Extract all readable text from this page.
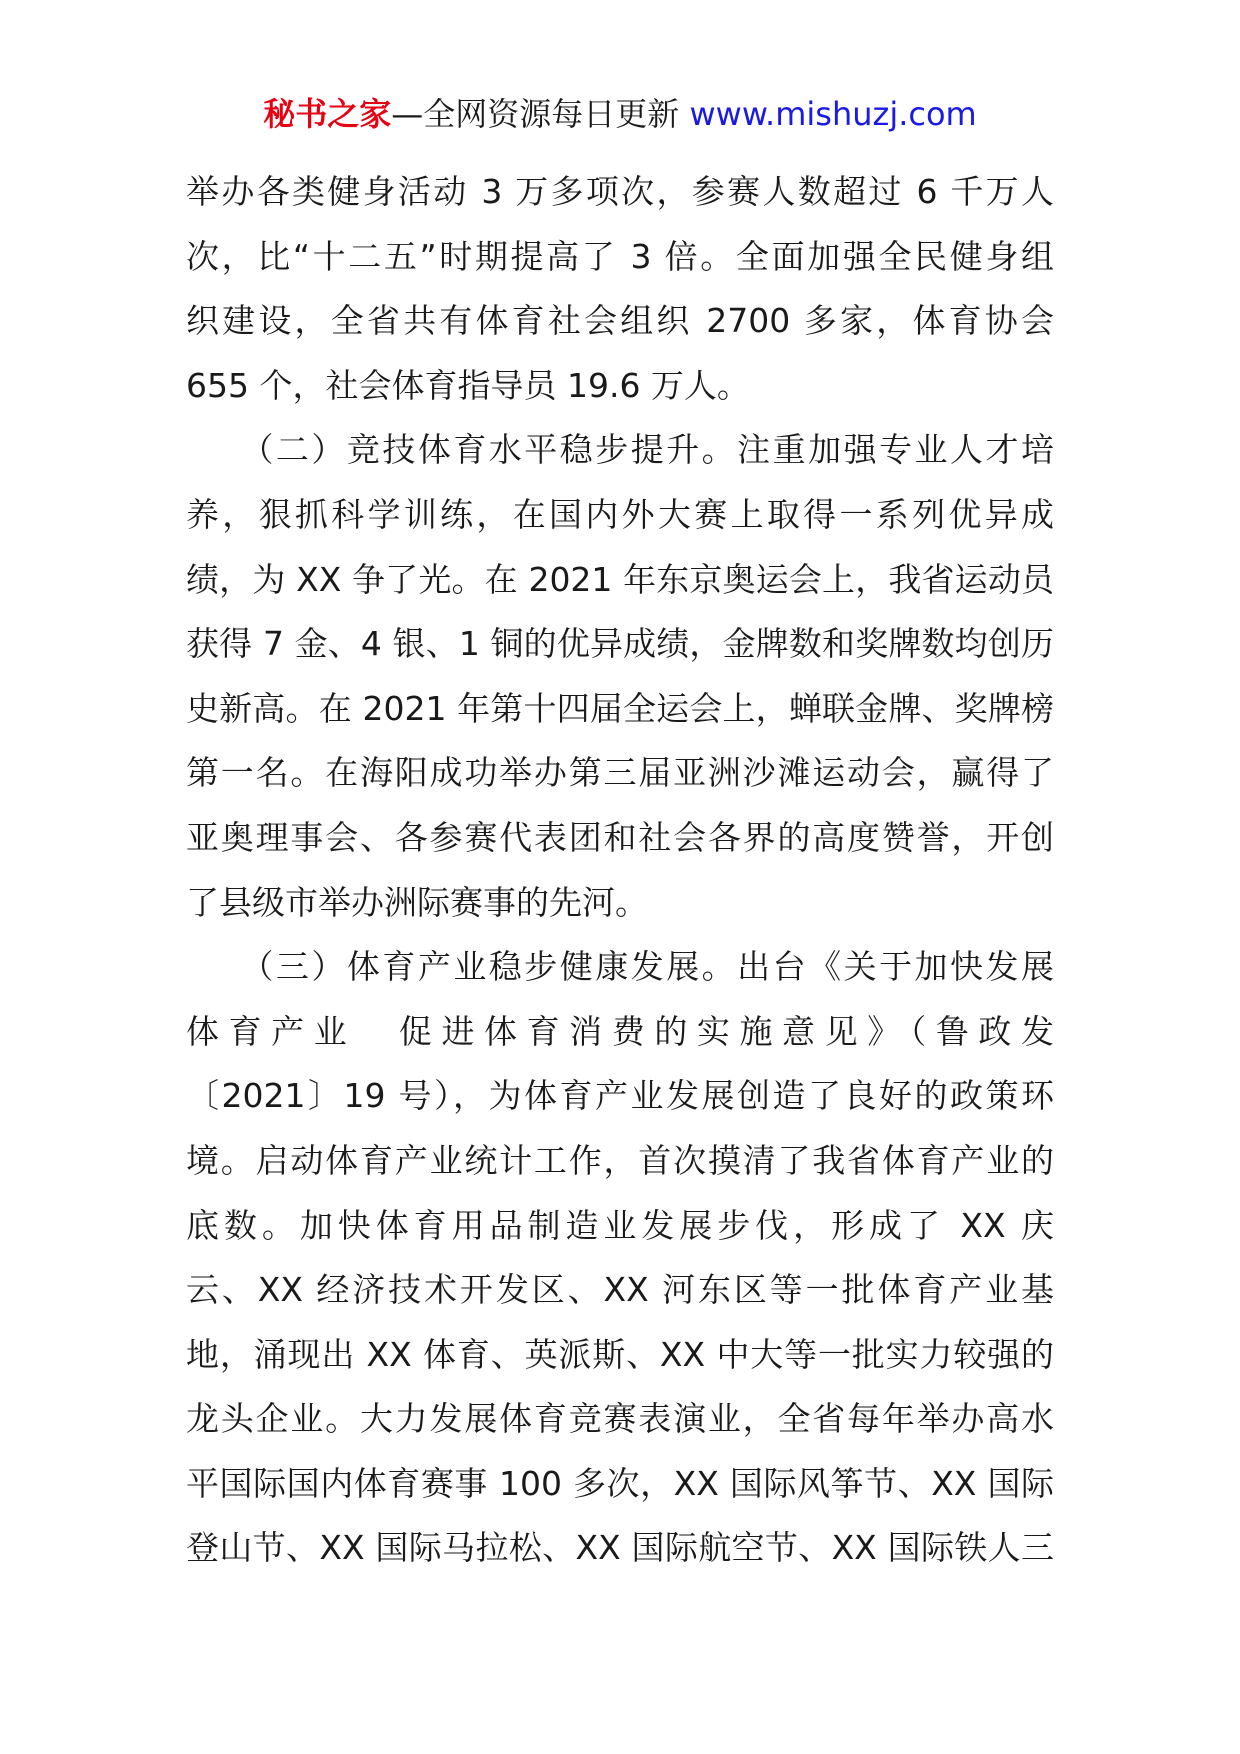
秘书之家—全网资源每日更新 www.mishuzj.com
举办各类健身活动 3 万多项次，参赛人数超过 6 千万人
次，比“十二五”时期提高了 3 倍。全面加强全民健身组
织建设，全省共有体育社会组织 2700 多家，体育协会
655 个，社会体育指导员 19.6 万人。
　　（二）竞技体育水平稳步提升。注重加强专业人才培
养，狠抓科学训练，在国内外大赛上取得一系列优异成
绩，为 XX 争了光。在 2021 年东京奥运会上，我省运动员
获得 7 金、4 银、1 铜的优异成绩，金牌数和奖牌数均创历
史新高。在 2021 年第十四届全运会上，蝉联金牌、奖牌榜
第一名。在海阳成功举办第三届亚洲沙滩运动会，赢得了
亚奥理事会、各参赛代表团和社会各界的高度赞誉，开创
了县级市举办洲际赛事的先河。
　　（三）体育产业稳步健康发展。出台《关于加快发展
体育产业　促进体育消费的实施意见》（鲁政发
〔2021〕19 号），为体育产业发展创造了良好的政策环
境。启动体育产业统计工作，首次摸清了我省体育产业的
底数。加快体育用品制造业发展步伐，形成了 XX 庆
云、XX 经济技术开发区、XX 河东区等一批体育产业基
地，涌现出 XX 体育、英派斯、XX 中大等一批实力较强的
龙头企业。大力发展体育竞赛表演业，全省每年举办高水
平国际国内体育赛事 100 多次，XX 国际风筝节、XX 国际
登山节、XX 国际马拉松、XX 国际航空节、XX 国际铁人三
